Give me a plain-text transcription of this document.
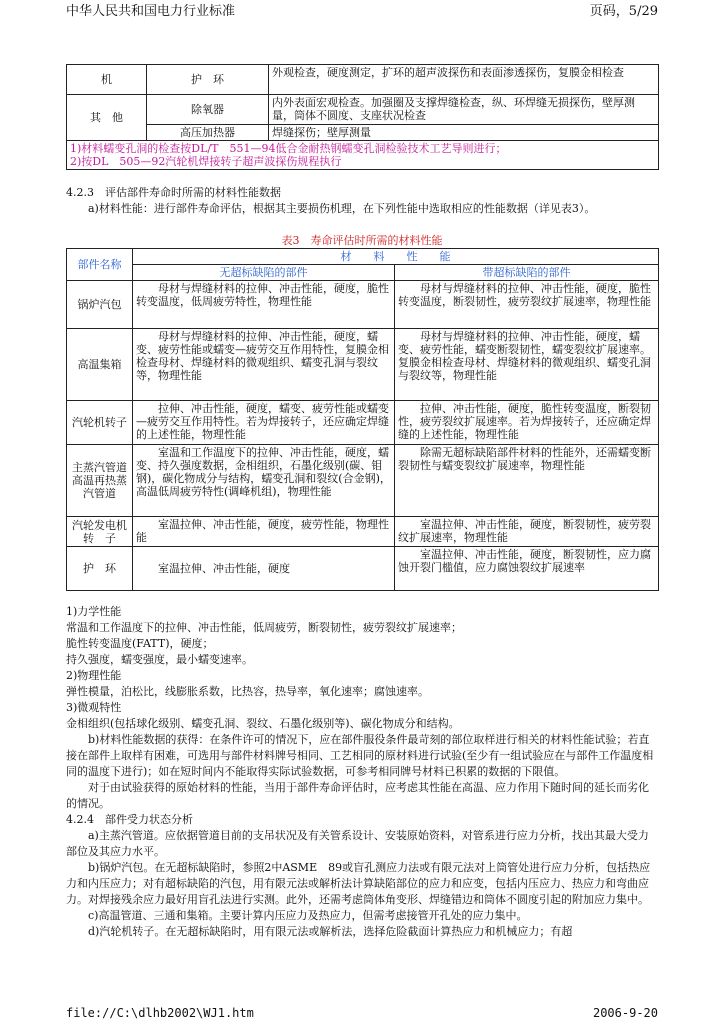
中华人民共和国电力行业标准	页码，5/29
机	护　环	外观检查，硬度测定，扩环的超声波探伤和表面渗透探伤，复膜金相检查
其　他	除氧器	内外表面宏观检查。加强圈及支撑焊缝检查，纵、环焊缝无损探伤，壁厚测量，筒体不圆度、支座状况检查
	高压加热器	焊缝探伤；壁厚测量

1)材料蠕变孔洞的检查按DL/T　551—94低合金耐热钢蠕变孔洞检验技术工艺导则进行；
2)按DL　505—92汽轮机焊接转子超声波探伤规程执行		

4.2.3　评估部件寿命时所需的材料性能数据

a)材料性能：进行部件寿命评估，根据其主要损伤机理，在下列性能中选取相应的性能数据（详见表3）。

表3　寿命评估时所需的材料性能
部件名称	材　　料　　性　　能	
	无超标缺陷的部件	带超标缺陷的部件
锅炉汽包	母材与焊缝材料的拉伸、冲击性能，硬度，脆性转变温度，低周疲劳特性，物理性能	母材与焊缝材料的拉伸、冲击性能，硬度，脆性转变温度，断裂韧性，疲劳裂纹扩展速率，物理性能
高温集箱	母材与焊缝材料的拉伸、冲击性能，硬度，蠕变、疲劳性能或蠕变—疲劳交互作用特性，复膜金相检查母材、焊缝材料的微观组织、蠕变孔洞与裂纹等，物理性能	母材与焊缝材料的拉伸、冲击性能，硬度，蠕变、疲劳性能，蠕变断裂韧性，蠕变裂纹扩展速率。复膜金相检查母材、焊缝材料的微观组织、蠕变孔洞与裂纹等，物理性能
汽轮机转子	拉伸、冲击性能，硬度，蠕变、疲劳性能或蠕变—疲劳交互作用特性。若为焊接转子，还应确定焊缝的上述性能，物理性能	拉伸、冲击性能，硬度，脆性转变温度，断裂韧性，疲劳裂纹扩展速率。若为焊接转子，还应确定焊缝的上述性能，物理性能
主蒸汽管道高温再热蒸汽管道	室温和工作温度下的拉伸、冲击性能，硬度，蠕变、持久强度数据，金相组织，石墨化级别(碳、钼钢)，碳化物成分与结构，蠕变孔洞和裂纹(合金钢)，高温低周疲劳特性(调峰机组)，物理性能	除需无超标缺陷部件材料的性能外，还需蠕变断裂韧性与蠕变裂纹扩展速率，物理性能
汽轮发电机转　子	室温拉伸、冲击性能，硬度，疲劳性能，物理性能	室温拉伸、冲击性能，硬度，断裂韧性，疲劳裂纹扩展速率，物理性能
护　环	室温拉伸、冲击性能，硬度	室温拉伸、冲击性能，硬度，断裂韧性，应力腐蚀开裂门槛值，应力腐蚀裂纹扩展速率

1)力学性能

常温和工作温度下的拉伸、冲击性能，低周疲劳，断裂韧性，疲劳裂纹扩展速率；

脆性转变温度(FATT)，硬度；

持久强度，蠕变强度，最小蠕变速率。

2)物理性能

弹性模量，泊松比，线膨胀系数，比热容，热导率，氧化速率；腐蚀速率。

3)微观特性

金相组织(包括球化级别、蠕变孔洞、裂纹、石墨化级别等)、碳化物成分和结构。

b)材料性能数据的获得：在条件许可的情况下，应在部件服役条件最苛刻的部位取样进行相关的材料性能试验；若直接在部件上取样有困难，可选用与部件材料牌号相同、工艺相同的原材料进行试验(至少有一组试验应在与部件工作温度相同的温度下进行)；如在短时间内不能取得实际试验数据，可参考相同牌号材料已积累的数据的下限值。

对于由试验获得的原始材料的性能，当用于部件寿命评估时，应考虑其性能在高温、应力作用下随时间的延长而劣化的情况。

4.2.4　部件受力状态分析

a)主蒸汽管道。应依据管道目前的支吊状况及有关管系设计、安装原始资料，对管系进行应力分析，找出其最大受力部位及其应力水平。

b)锅炉汽包。在无超标缺陷时，参照2中ASME　89或盲孔测应力法或有限元法对上筒管处进行应力分析，包括热应力和内压应力；对有超标缺陷的汽包，用有限元法或解析法计算缺陷部位的应力和应变，包括内压应力、热应力和弯曲应力。对焊接残余应力最好用盲孔法进行实测。此外，还需考虑筒体角变形、焊缝错边和筒体不圆度引起的附加应力集中。

c)高温管道、三通和集箱。主要计算内压应力及热应力，但需考虑接管开孔处的应力集中。

d)汽轮机转子。在无超标缺陷时，用有限元法或解析法，选择危险截面计算热应力和机械应力；有超

file://C:\dlhb2002\WJ1.htm	2006-9-20
